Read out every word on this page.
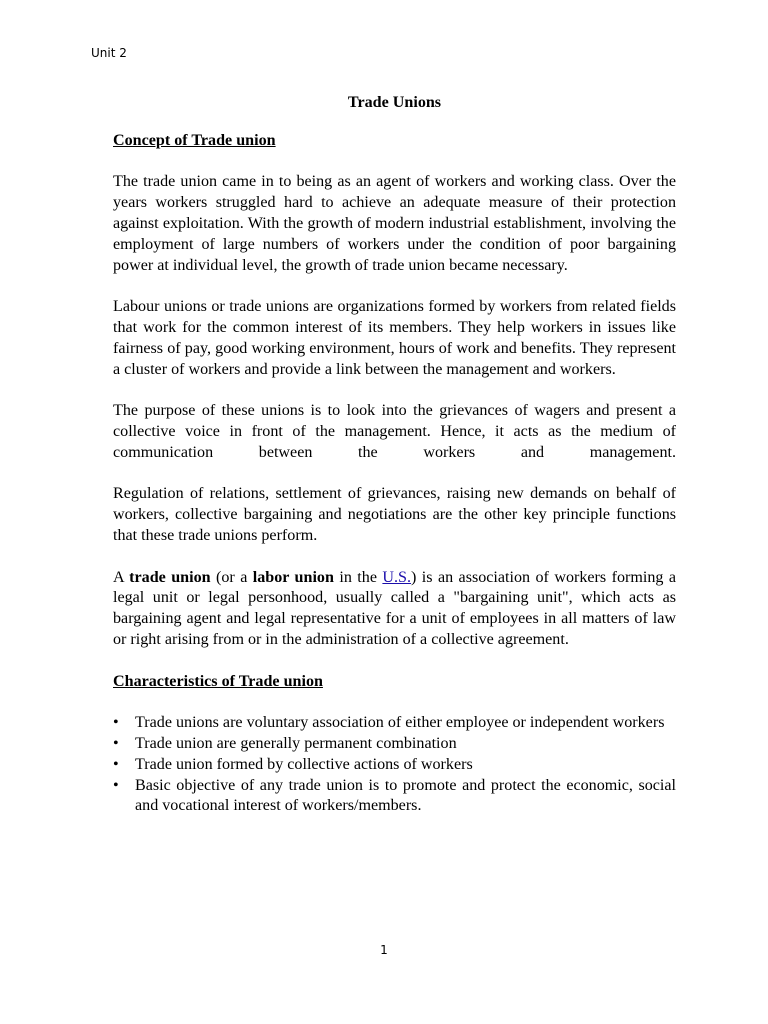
Unit 2
Trade Unions
Concept of Trade union

The trade union came in to being as an agent of workers and working class. Over the years workers struggled hard to achieve an adequate measure of their protection against exploitation. With the growth of modern industrial establishment, involving the employment of large numbers of workers under the condition of poor bargaining power at individual level, the growth of trade union became necessary.

Labour unions or trade unions are organizations formed by workers from related fields that work for the common interest of its members. They help workers in issues like fairness of pay, good working environment, hours of work and benefits. They represent a cluster of workers and provide a link between the management and workers.

The purpose of these unions is to look into the grievances of wagers and present a collective voice in front of the management. Hence, it acts as the medium of communication between the workers and management.

Regulation of relations, settlement of grievances, raising new demands on behalf of workers, collective bargaining and negotiations are the other key principle functions that these trade unions perform.

A trade union (or a labor union in the U.S.) is an association of workers forming a legal unit or legal personhood, usually called a "bargaining unit", which acts as bargaining agent and legal representative for a unit of employees in all matters of law or right arising from or in the administration of a collective agreement.

Characteristics of Trade union
• Trade unions are voluntary association of either employee or independent workers
• Trade union are generally permanent combination
• Trade union formed by collective actions of workers
• Basic objective of any trade union is to promote and protect the economic, social and vocational interest of workers/members.
1
